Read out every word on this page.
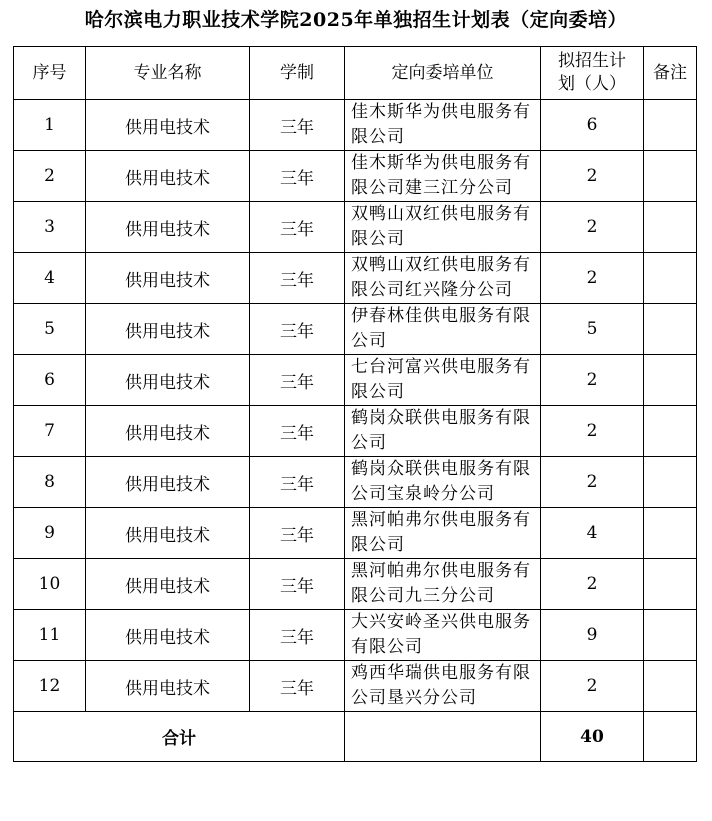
哈尔滨电力职业技术学院2025年单独招生计划表（定向委培）
序号	专业名称	学制	定向委培单位	拟招生计划（人）	备注
1	供用电技术	三年	佳木斯华为供电服务有限公司	6	
2	供用电技术	三年	佳木斯华为供电服务有限公司建三江分公司	2	
3	供用电技术	三年	双鸭山双红供电服务有限公司	2	
4	供用电技术	三年	双鸭山双红供电服务有限公司红兴隆分公司	2	
5	供用电技术	三年	伊春林佳供电服务有限公司	5	
6	供用电技术	三年	七台河富兴供电服务有限公司	2	
7	供用电技术	三年	鹤岗众联供电服务有限公司	2	
8	供用电技术	三年	鹤岗众联供电服务有限公司宝泉岭分公司	2	
9	供用电技术	三年	黑河帕弗尔供电服务有限公司	4	
10	供用电技术	三年	黑河帕弗尔供电服务有限公司九三分公司	2	
11	供用电技术	三年	大兴安岭圣兴供电服务有限公司	9	
12	供用电技术	三年	鸡西华瑞供电服务有限公司垦兴分公司	2	
合计				40	
